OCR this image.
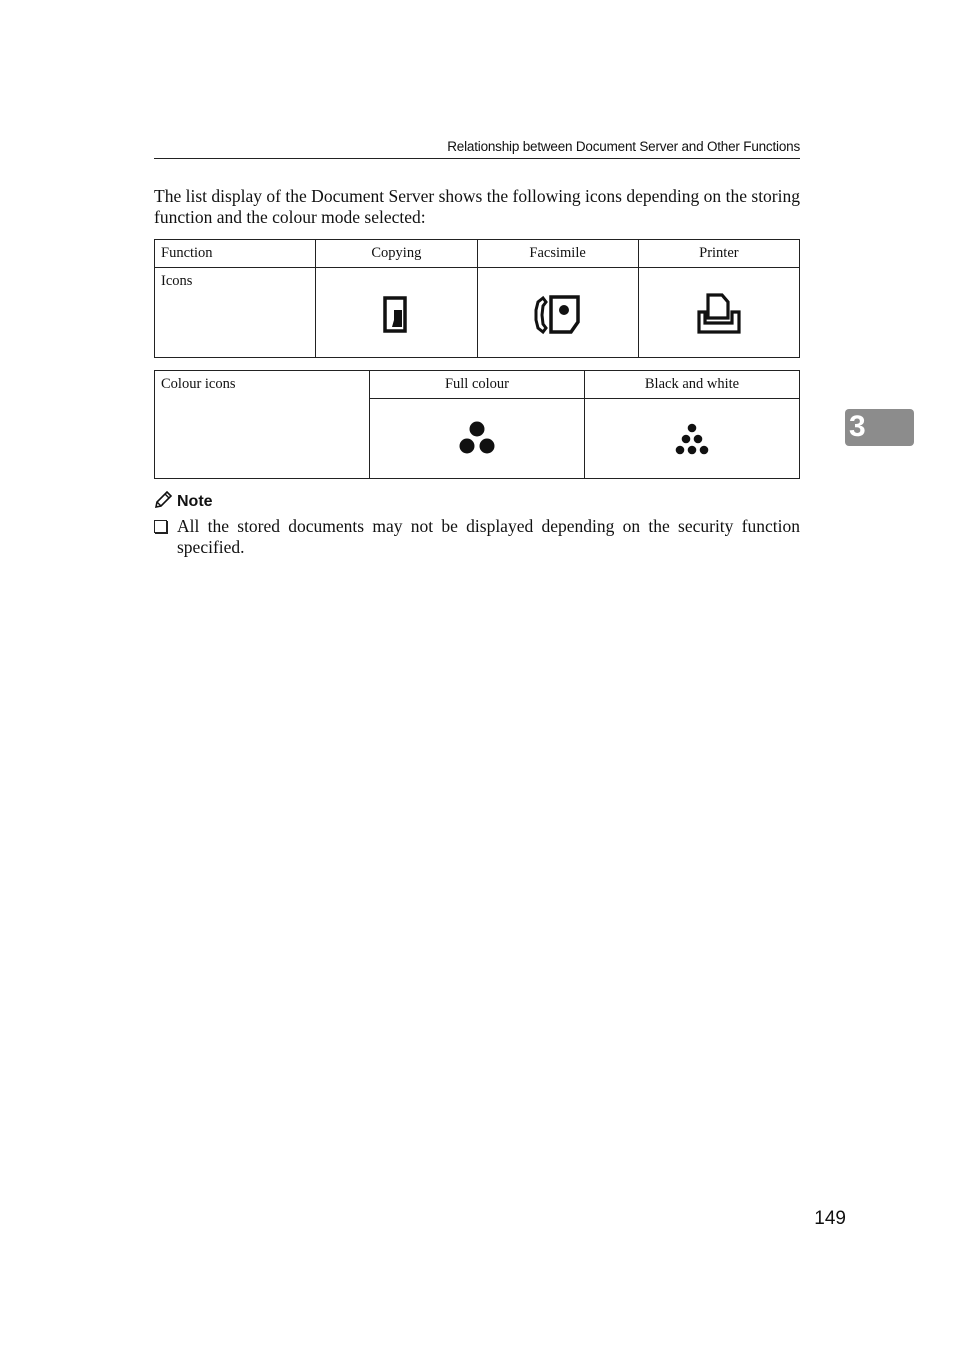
Relationship between Document Server and Other Functions

The list display of the Document Server shows the following icons depending on the storing function and the colour mode selected:

Function	Copying	Facsimile	Printer
Icons			
Colour icons	Full colour	Black and white

3
Note
All the stored documents may not be displayed depending on the security function specified.
149
